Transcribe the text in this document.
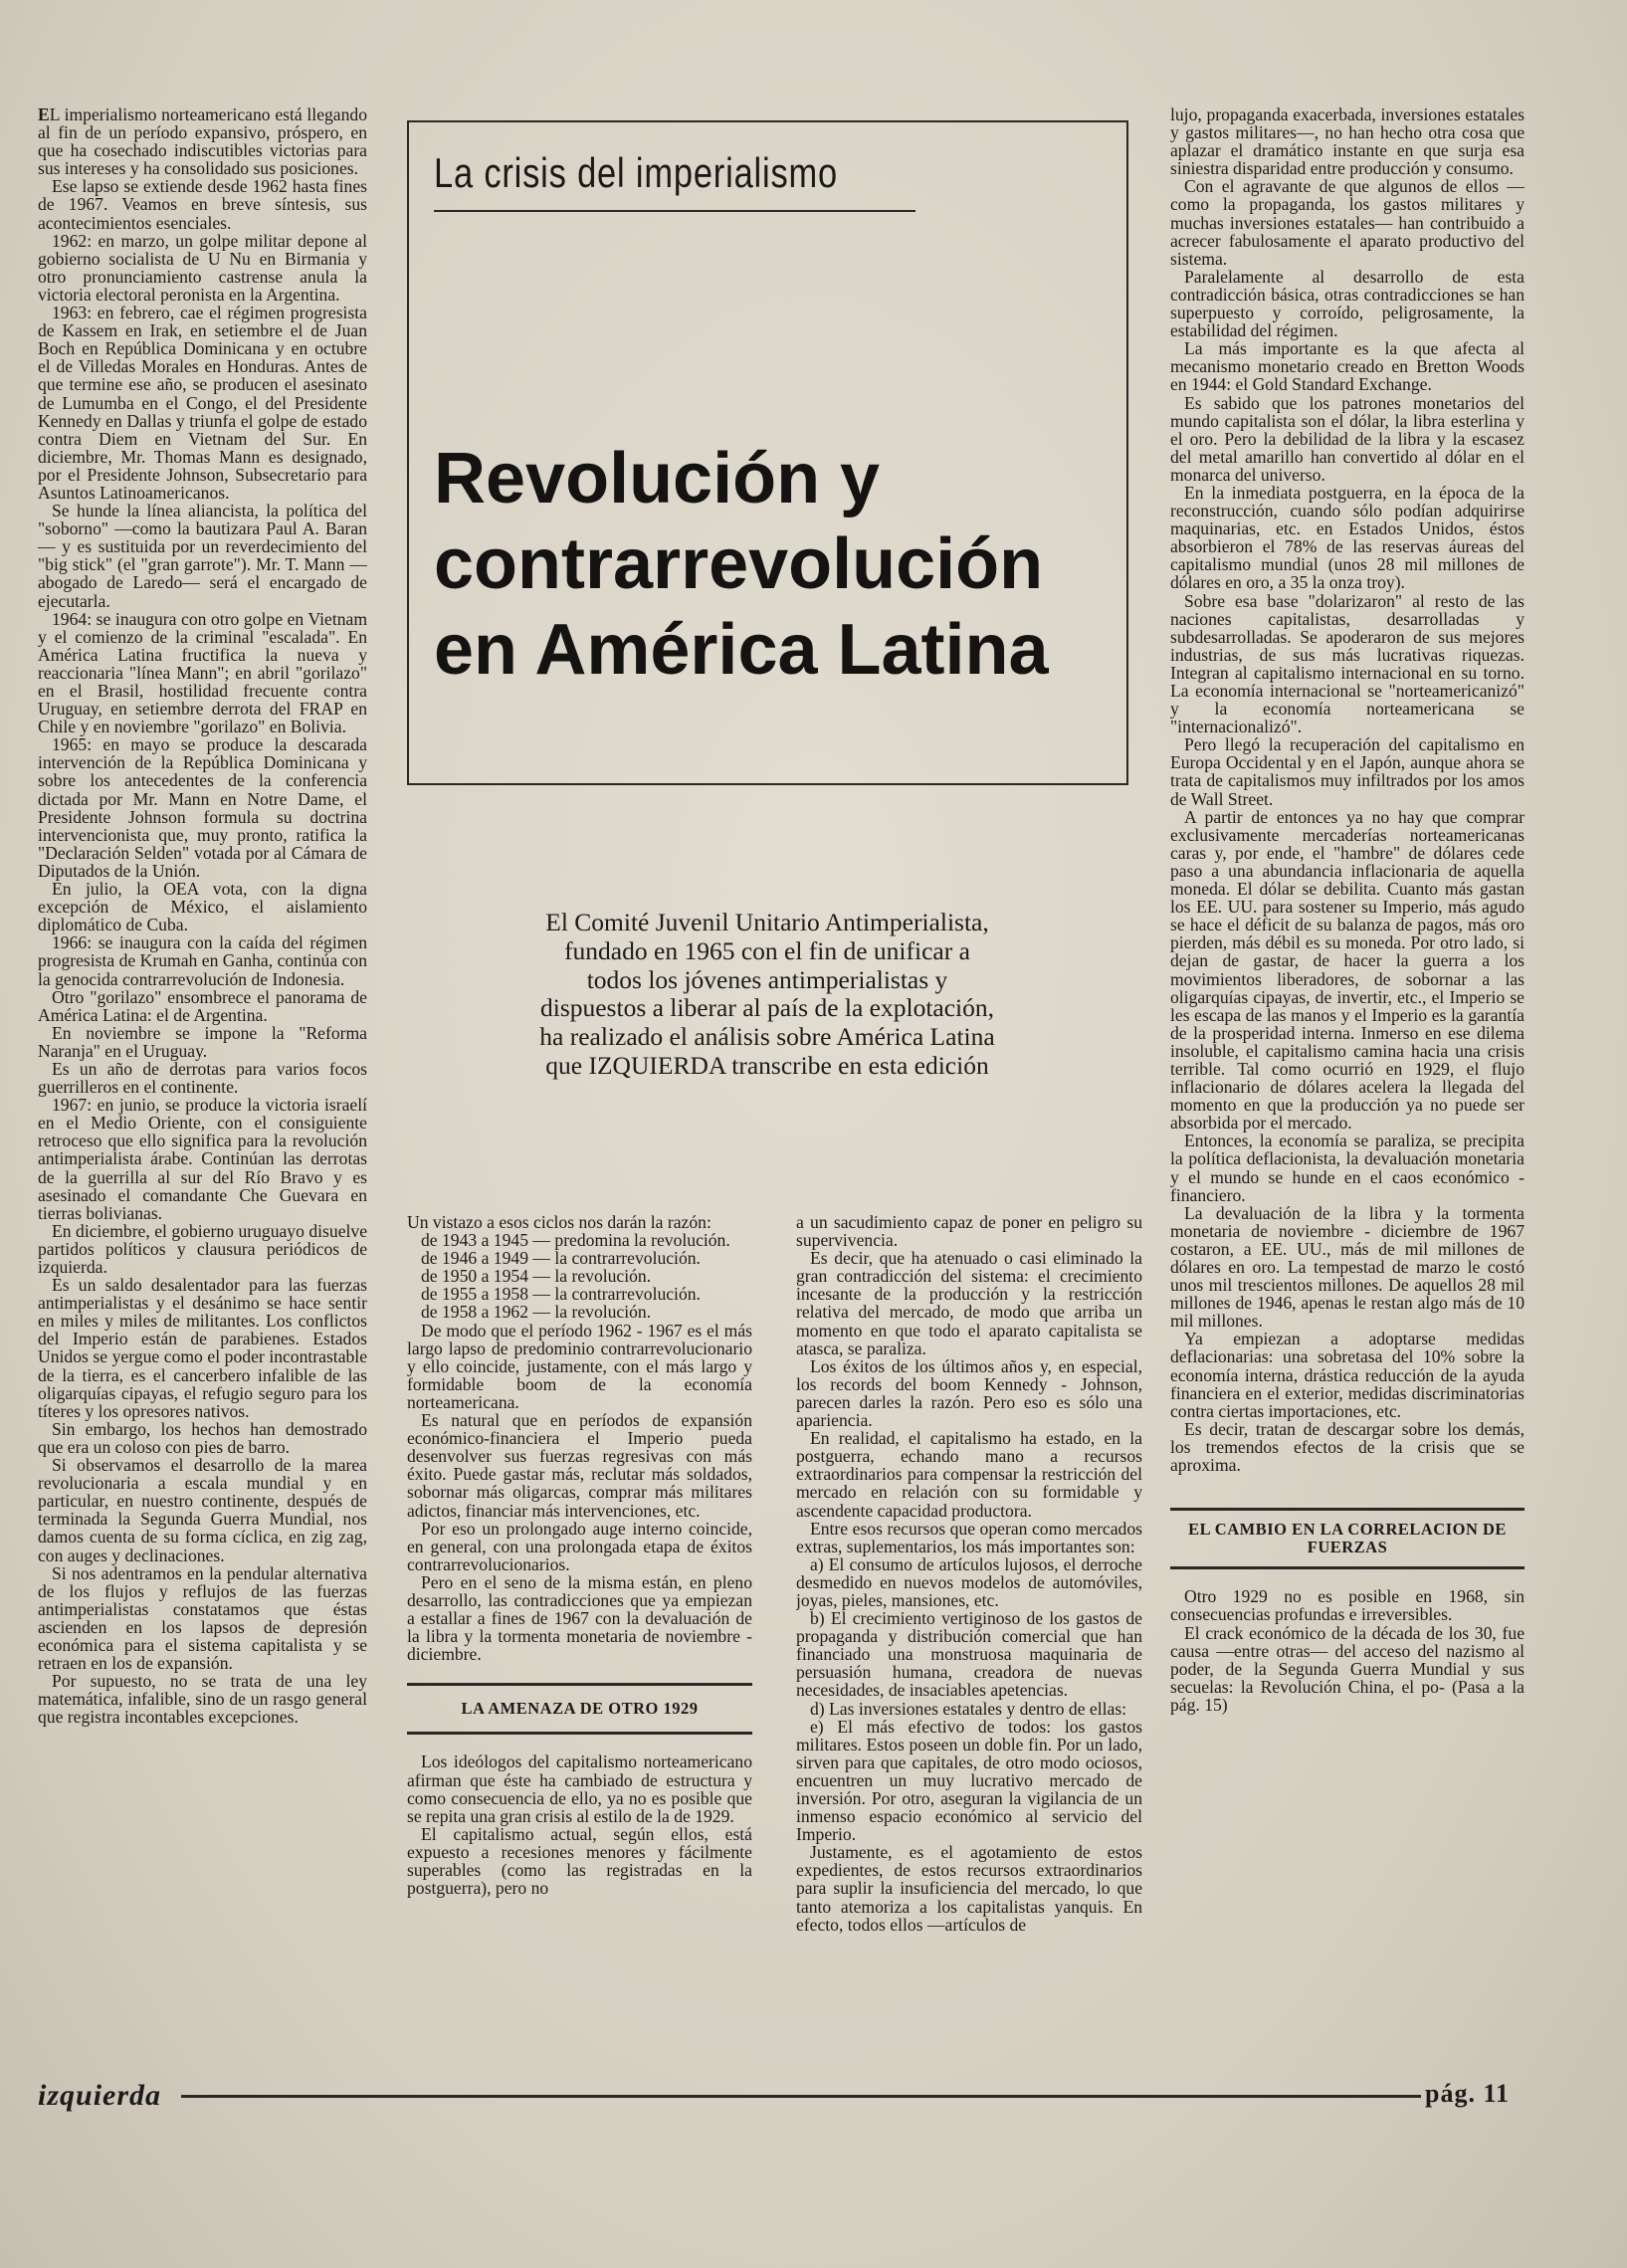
EL imperialismo norteamericano está llegando al fin de un período expansivo, próspero, en que ha cosechado indiscutibles victorias para sus intereses y ha consolidado sus posiciones.

Ese lapso se extiende desde 1962 hasta fines de 1967. Veamos en breve síntesis, sus acontecimientos esenciales.

1962: en marzo, un golpe militar depone al gobierno socialista de U Nu en Birmania y otro pronunciamiento castrense anula la victoria electoral peronista en la Argentina.

1963: en febrero, cae el régimen progresista de Kassem en Irak, en setiembre el de Juan Boch en República Dominicana y en octubre el de Villedas Morales en Honduras. Antes de que termine ese año, se producen el asesinato de Lumumba en el Congo, el del Presidente Kennedy en Dallas y triunfa el golpe de estado contra Diem en Vietnam del Sur. En diciembre, Mr. Thomas Mann es designado, por el Presidente Johnson, Subsecretario para Asuntos Latinoamericanos.

Se hunde la línea aliancista, la política del "soborno" —como la bautizara Paul A. Baran— y es sustituida por un reverdecimiento del "big stick" (el "gran garrote"). Mr. T. Mann —abogado de Laredo— será el encargado de ejecutarla.

1964: se inaugura con otro golpe en Vietnam y el comienzo de la criminal "escalada". En América Latina fructifica la nueva y reaccionaria "línea Mann"; en abril "gorilazo" en el Brasil, hostilidad frecuente contra Uruguay, en setiembre derrota del FRAP en Chile y en noviembre "gorilazo" en Bolivia.

1965: en mayo se produce la descarada intervención de la República Dominicana y sobre los antecedentes de la conferencia dictada por Mr. Mann en Notre Dame, el Presidente Johnson formula su doctrina intervencionista que, muy pronto, ratifica la "Declaración Selden" votada por al Cámara de Diputados de la Unión.

En julio, la OEA vota, con la digna excepción de México, el aislamiento diplomático de Cuba.

1966: se inaugura con la caída del régimen progresista de Krumah en Ganha, continúa con la genocida contrarrevolución de Indonesia.

Otro "gorilazo" ensombrece el panorama de América Latina: el de Argentina.

En noviembre se impone la "Reforma Naranja" en el Uruguay.

Es un año de derrotas para varios focos guerrilleros en el continente.

1967: en junio, se produce la victoria israelí en el Medio Oriente, con el consiguiente retroceso que ello significa para la revolución antimperialista árabe. Continúan las derrotas de la guerrilla al sur del Río Bravo y es asesinado el comandante Che Guevara en tierras bolivianas.

En diciembre, el gobierno uruguayo disuelve partidos políticos y clausura periódicos de izquierda.

Es un saldo desalentador para las fuerzas antimperialistas y el desánimo se hace sentir en miles y miles de militantes. Los conflictos del Imperio están de parabienes. Estados Unidos se yergue como el poder incontrastable de la tierra, es el cancerbero infalible de las oligarquías cipayas, el refugio seguro para los títeres y los opresores nativos.

Sin embargo, los hechos han demostrado que era un coloso con pies de barro.

Si observamos el desarrollo de la marea revolucionaria a escala mundial y en particular, en nuestro continente, después de terminada la Segunda Guerra Mundial, nos damos cuenta de su forma cíclica, en zig zag, con auges y declinaciones.

Si nos adentramos en la pendular alternativa de los flujos y reflujos de las fuerzas antimperialistas constatamos que éstas ascienden en los lapsos de depresión económica para el sistema capitalista y se retraen en los de expansión.

Por supuesto, no se trata de una ley matemática, infalible, sino de un rasgo general que registra incontables excepciones.

La crisis del imperialismo
Revolución y
contrarrevolución
en América Latina

El Comité Juvenil Unitario Antimperialista, fundado en 1965 con el fin de unificar a todos los jóvenes antimperialistas y dispuestos a liberar al país de la explotación, ha realizado el análisis sobre América Latina que IZQUIERDA transcribe en esta edición

Un vistazo a esos ciclos nos darán la razón:

de 1943 a 1945 — predomina la revolución.

de 1946 a 1949 — la contrarrevolución.

de 1950 a 1954 — la revolución.

de 1955 a 1958 — la contrarrevolución.

de 1958 a 1962 — la revolución.

De modo que el período 1962 - 1967 es el más largo lapso de predominio contrarrevolucionario y ello coincide, justamente, con el más largo y formidable boom de la economía norteamericana.

Es natural que en períodos de expansión económico-financiera el Imperio pueda desenvolver sus fuerzas regresivas con más éxito. Puede gastar más, reclutar más soldados, sobornar más oligarcas, comprar más militares adictos, financiar más intervenciones, etc.

Por eso un prolongado auge interno coincide, en general, con una prolongada etapa de éxitos contrarrevolucionarios.

Pero en el seno de la misma están, en pleno desarrollo, las contradicciones que ya empiezan a estallar a fines de 1967 con la devaluación de la libra y la tormenta monetaria de noviembre - diciembre.

LA AMENAZA DE OTRO 1929

Los ideólogos del capitalismo norteamericano afirman que éste ha cambiado de estructura y como consecuencia de ello, ya no es posible que se repita una gran crisis al estilo de la de 1929.

El capitalismo actual, según ellos, está expuesto a recesiones menores y fácilmente superables (como las registradas en la postguerra), pero no

a un sacudimiento capaz de poner en peligro su supervivencia.

Es decir, que ha atenuado o casi eliminado la gran contradicción del sistema: el crecimiento incesante de la producción y la restricción relativa del mercado, de modo que arriba un momento en que todo el aparato capitalista se atasca, se paraliza.

Los éxitos de los últimos años y, en especial, los records del boom Kennedy - Johnson, parecen darles la razón. Pero eso es sólo una apariencia.

En realidad, el capitalismo ha estado, en la postguerra, echando mano a recursos extraordinarios para compensar la restricción del mercado en relación con su formidable y ascendente capacidad productora.

Entre esos recursos que operan como mercados extras, suplementarios, los más importantes son:

a) El consumo de artículos lujosos, el derroche desmedido en nuevos modelos de automóviles, joyas, pieles, mansiones, etc.

b) El crecimiento vertiginoso de los gastos de propaganda y distribución comercial que han financiado una monstruosa maquinaria de persuasión humana, creadora de nuevas necesidades, de insaciables apetencias.

d) Las inversiones estatales y dentro de ellas:

e) El más efectivo de todos: los gastos militares. Estos poseen un doble fin. Por un lado, sirven para que capitales, de otro modo ociosos, encuentren un muy lucrativo mercado de inversión. Por otro, aseguran la vigilancia de un inmenso espacio económico al servicio del Imperio.

Justamente, es el agotamiento de estos expedientes, de estos recursos extraordinarios para suplir la insuficiencia del mercado, lo que tanto atemoriza a los capitalistas yanquis. En efecto, todos ellos —artículos de

lujo, propaganda exacerbada, inversiones estatales y gastos militares—, no han hecho otra cosa que aplazar el dramático instante en que surja esa siniestra disparidad entre producción y consumo.

Con el agravante de que algunos de ellos —como la propaganda, los gastos militares y muchas inversiones estatales— han contribuido a acrecer fabulosamente el aparato productivo del sistema.

Paralelamente al desarrollo de esta contradicción básica, otras contradicciones se han superpuesto y corroído, peligrosamente, la estabilidad del régimen.

La más importante es la que afecta al mecanismo monetario creado en Bretton Woods en 1944: el Gold Standard Exchange.

Es sabido que los patrones monetarios del mundo capitalista son el dólar, la libra esterlina y el oro. Pero la debilidad de la libra y la escasez del metal amarillo han convertido al dólar en el monarca del universo.

En la inmediata postguerra, en la época de la reconstrucción, cuando sólo podían adquirirse maquinarias, etc. en Estados Unidos, éstos absorbieron el 78% de las reservas áureas del capitalismo mundial (unos 28 mil millones de dólares en oro, a 35 la onza troy).

Sobre esa base "dolarizaron" al resto de las naciones capitalistas, desarrolladas y subdesarrolladas. Se apoderaron de sus mejores industrias, de sus más lucrativas riquezas. Integran al capitalismo internacional en su torno. La economía internacional se "norteamericanizó" y la economía norteamericana se "internacionalizó".

Pero llegó la recuperación del capitalismo en Europa Occidental y en el Japón, aunque ahora se trata de capitalismos muy infiltrados por los amos de Wall Street.

A partir de entonces ya no hay que comprar exclusivamente mercaderías norteamericanas caras y, por ende, el "hambre" de dólares cede paso a una abundancia inflacionaria de aquella moneda. El dólar se debilita. Cuanto más gastan los EE. UU. para sostener su Imperio, más agudo se hace el déficit de su balanza de pagos, más oro pierden, más débil es su moneda. Por otro lado, si dejan de gastar, de hacer la guerra a los movimientos liberadores, de sobornar a las oligarquías cipayas, de invertir, etc., el Imperio se les escapa de las manos y el Imperio es la garantía de la prosperidad interna. Inmerso en ese dilema insoluble, el capitalismo camina hacia una crisis terrible. Tal como ocurrió en 1929, el flujo inflacionario de dólares acelera la llegada del momento en que la producción ya no puede ser absorbida por el mercado.

Entonces, la economía se paraliza, se precipita la política deflacionista, la devaluación monetaria y el mundo se hunde en el caos económico - financiero.

La devaluación de la libra y la tormenta monetaria de noviembre - diciembre de 1967 costaron, a EE. UU., más de mil millones de dólares en oro. La tempestad de marzo le costó unos mil trescientos millones. De aquellos 28 mil millones de 1946, apenas le restan algo más de 10 mil millones.

Ya empiezan a adoptarse medidas deflacionarias: una sobretasa del 10% sobre la economía interna, drástica reducción de la ayuda financiera en el exterior, medidas discriminatorias contra ciertas importaciones, etc.

Es decir, tratan de descargar sobre los demás, los tremendos efectos de la crisis que se aproxima.

EL CAMBIO EN LA CORRELACION DE FUERZAS

Otro 1929 no es posible en 1968, sin consecuencias profundas e irreversibles.

El crack económico de la década de los 30, fue causa —entre otras— del acceso del nazismo al poder, de la Segunda Guerra Mundial y sus secuelas: la Revolución China, el po- (Pasa a la pág. 15)

izquierda	pág. 11
